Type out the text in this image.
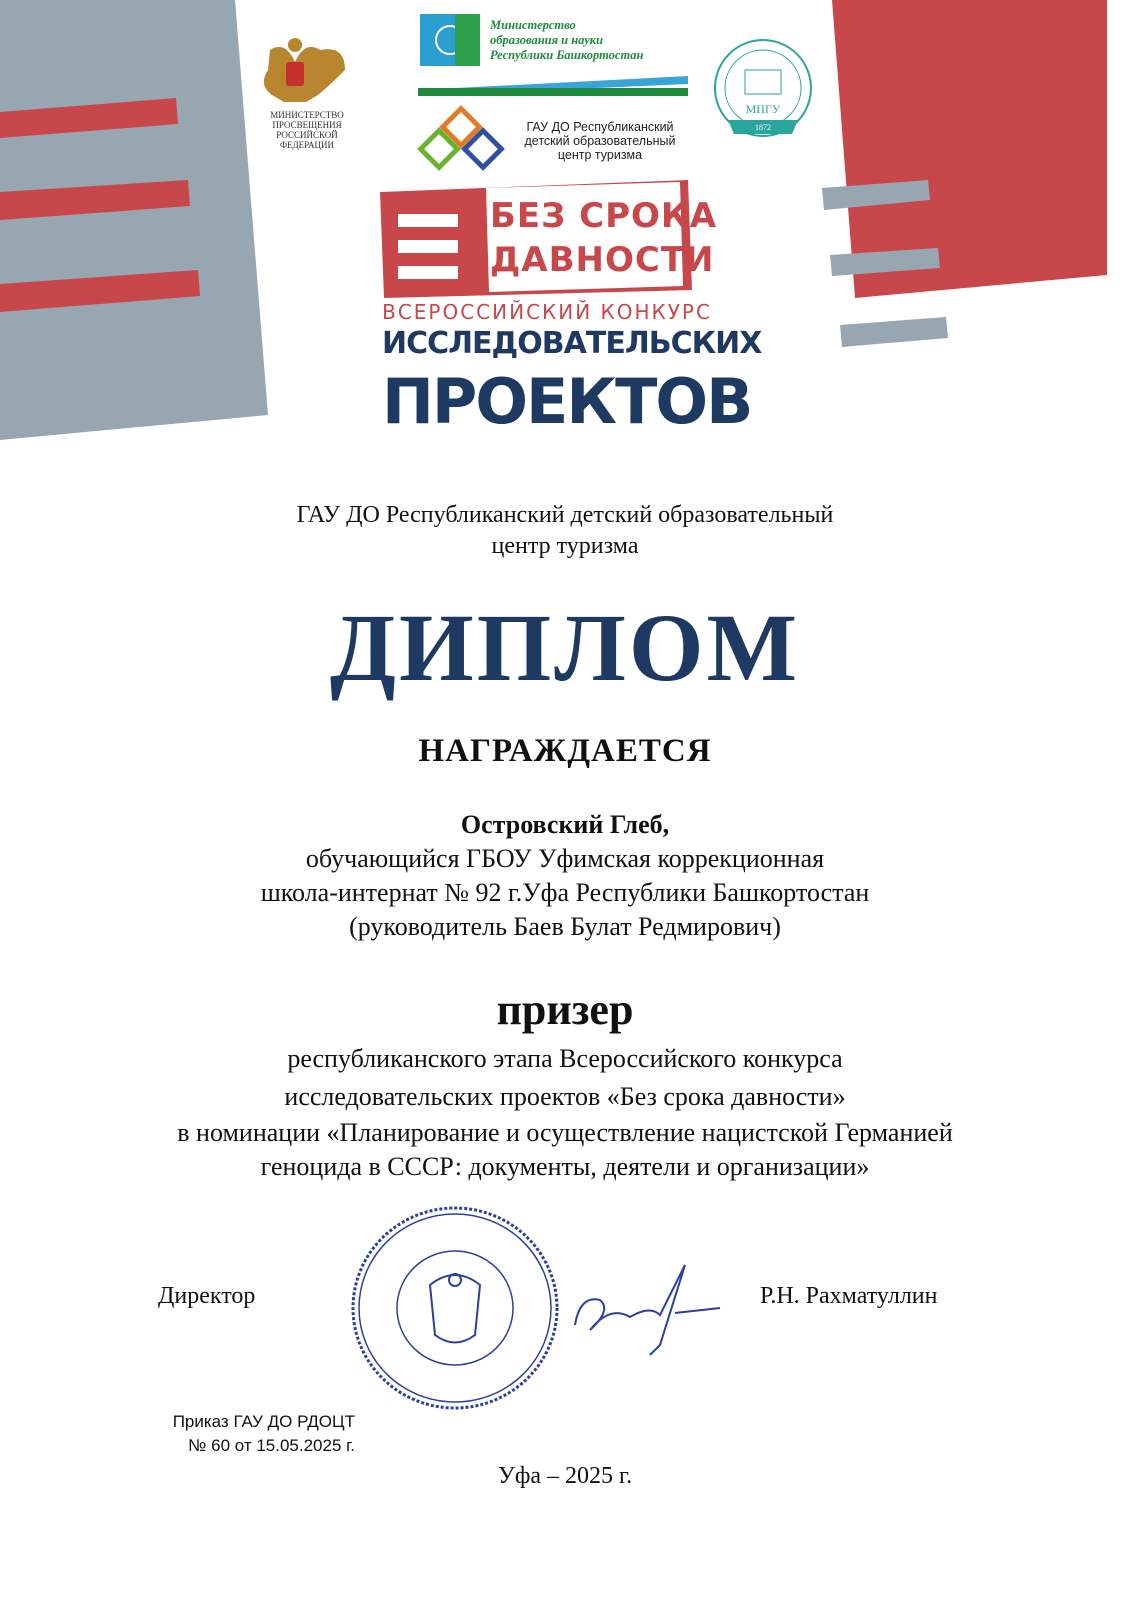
МИНИСТЕРСТВО
ПРОСВЕЩЕНИЯ
РОССИЙСКОЙ
ФЕДЕРАЦИИ
Министерство
образования и науки
Республики Башкортостан
ГАУ ДО Республиканский
детский образовательный
центр туризма
МПГУ
1872
БЕЗ СРОКА
ДАВНОСТИ
ВСЕРОССИЙСКИЙ КОНКУРС
ИССЛЕДОВАТЕЛЬСКИХ
ПРОЕКТОВ
ГАУ ДО Республиканский детский образовательный
центр туризма
ДИПЛОМ
НАГРАЖДАЕТСЯ
Островский Глеб,
обучающийся ГБОУ Уфимская коррекционная
школа-интернат № 92 г.Уфа Республики Башкортостан
(руководитель Баев Булат Редмирович)
призер
республиканского этапа Всероссийского конкурса
исследовательских проектов «Без срока давности»
в номинации «Планирование и осуществление нацистской Германией
геноцида в СССР: документы, деятели и организации»
Директор	Р.Н. Рахматуллин
Приказ ГАУ ДО РДОЦТ
№ 60 от 15.05.2025 г.
Уфа – 2025 г.
